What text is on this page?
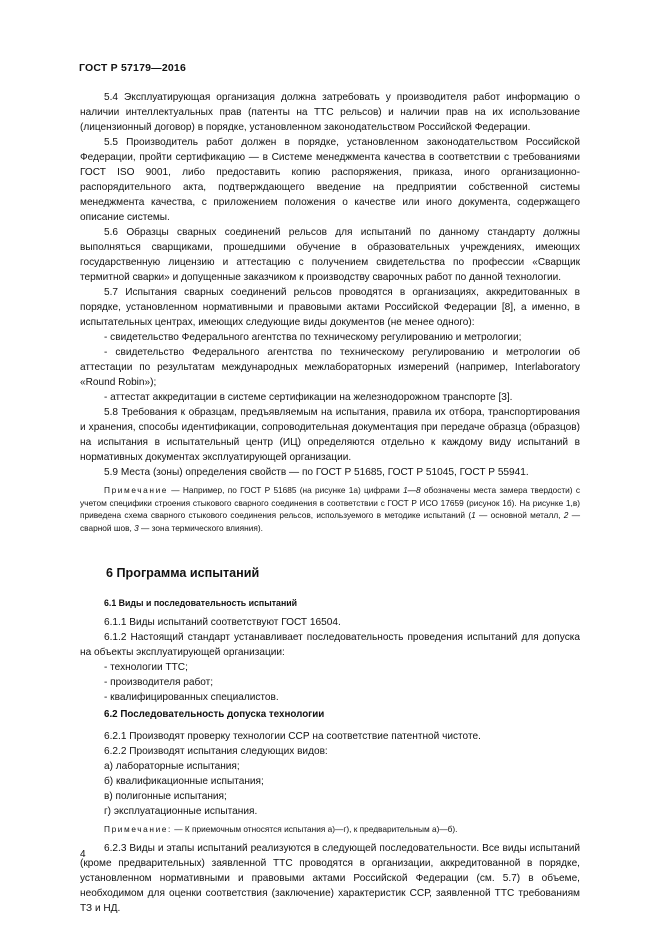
ГОСТ Р 57179—2016

5.4 Эксплуатирующая организация должна затребовать у производителя работ информацию о наличии интеллектуальных прав (патенты на ТТС рельсов) и наличии прав на их использование (лицензионный договор) в порядке, установленном законодательством Российской Федерации.

5.5 Производитель работ должен в порядке, установленном законодательством Российской Федерации, пройти сертификацию — в Системе менеджмента качества в соответствии с требованиями ГОСТ ISO 9001, либо предоставить копию распоряжения, приказа, иного организационно-распорядительного акта, подтверждающего введение на предприятии собственной системы менеджмента качества, с приложением положения о качестве или иного документа, содержащего описание системы.

5.6 Образцы сварных соединений рельсов для испытаний по данному стандарту должны выполняться сварщиками, прошедшими обучение в образовательных учреждениях, имеющих государственную лицензию и аттестацию с получением свидетельства по профессии «Сварщик термитной сварки» и допущенные заказчиком к производству сварочных работ по данной технологии.

5.7 Испытания сварных соединений рельсов проводятся в организациях, аккредитованных в порядке, установленном нормативными и правовыми актами Российской Федерации [8], а именно, в испытательных центрах, имеющих следующие виды документов (не менее одного):

- свидетельство Федерального агентства по техническому регулированию и метрологии;

- свидетельство Федерального агентства по техническому регулированию и метрологии об аттестации по результатам международных межлабораторных измерений (например, Interlaboratory «Round Robin»);

- аттестат аккредитации в системе сертификации на железнодорожном транспорте [3].

5.8 Требования к образцам, предъявляемым на испытания, правила их отбора, транспортирования и хранения, способы идентификации, сопроводительная документация при передаче образца (образцов) на испытания в испытательный центр (ИЦ) определяются отдельно к каждому виду испытаний в нормативных документах эксплуатирующей организации.

5.9 Места (зоны) определения свойств — по ГОСТ Р 51685, ГОСТ Р 51045, ГОСТ Р 55941.

Примечание — Например, по ГОСТ Р 51685 (на рисунке 1а) цифрами 1—8 обозначены места замера твердости) с учетом специфики строения стыкового сварного соединения в соответствии с ГОСТ Р ИСО 17659 (рисунок 1б). На рисунке 1,в) приведена схема сварного стыкового соединения рельсов, используемого в методике испытаний (1 — основной металл, 2 — сварной шов, 3 — зона термического влияния).

6 Программа испытаний
6.1 Виды и последовательность испытаний

6.1.1 Виды испытаний соответствуют ГОСТ 16504.

6.1.2 Настоящий стандарт устанавливает последовательность проведения испытаний для допуска на объекты эксплуатирующей организации:

- технологии ТТС;

- производителя работ;

- квалифицированных специалистов.

6.2 Последовательность допуска технологии

6.2.1 Производят проверку технологии ССР на соответствие патентной чистоте.

6.2.2 Производят испытания следующих видов:

а) лабораторные испытания;

б) квалификационные испытания;

в) полигонные испытания;

г) эксплуатационные испытания.

Примечание: — К приемочным относятся испытания а)—г), к предварительным а)—б).

6.2.3 Виды и этапы испытаний реализуются в следующей последовательности. Все виды испытаний (кроме предварительных) заявленной ТТС проводятся в организации, аккредитованной в порядке, установленном нормативными и правовыми актами Российской Федерации (см. 5.7) в объеме, необходимом для оценки соответствия (заключение) характеристик ССР, заявленной ТТС требованиям ТЗ и НД.

4
